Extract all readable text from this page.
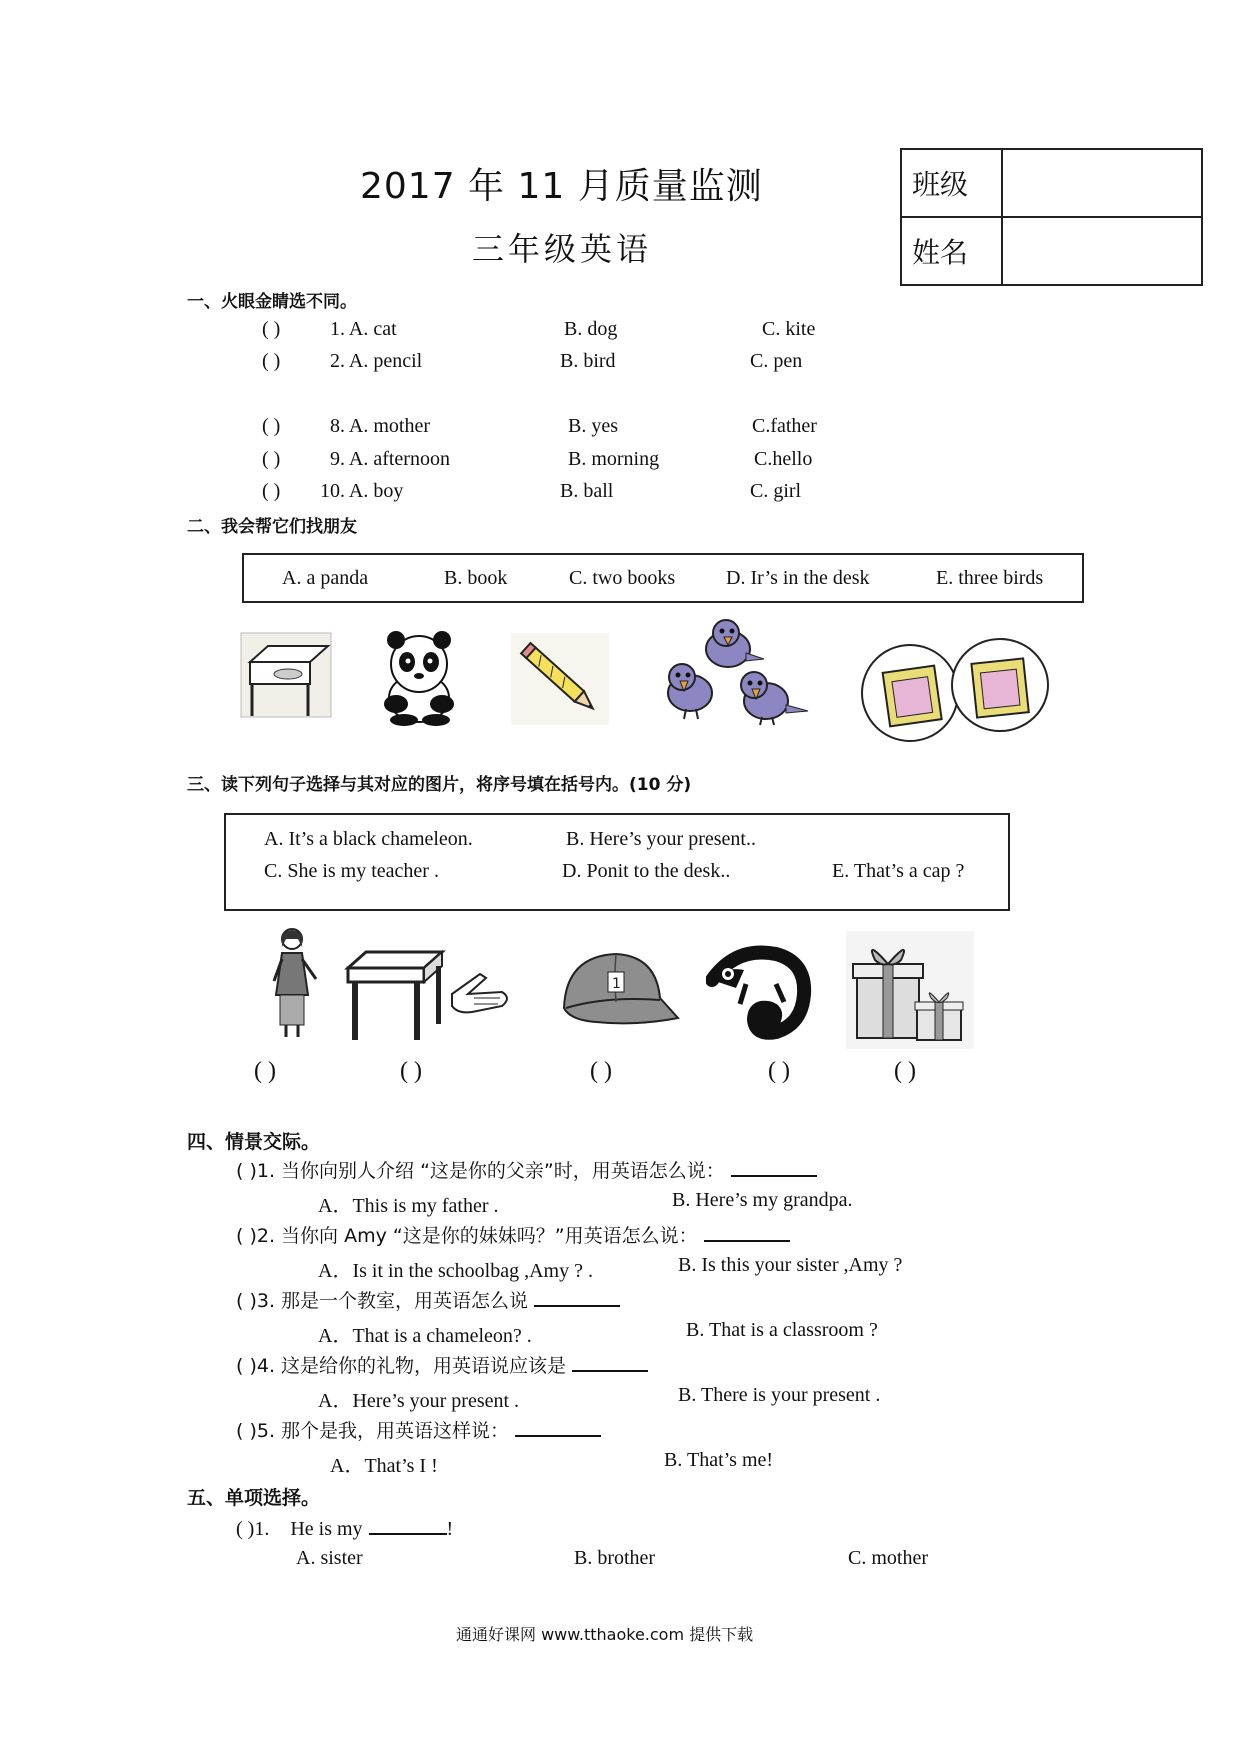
2017 年 11 月质量监测
三年级英语
班级	
姓名	
一、火眼金睛选不同。
( ) 1. A. cat	B. dog	C. kite
( ) 2. A. pencil	B. bird	C. pen
( ) 8. A. mother	B. yes	C.father
( ) 9. A. afternoon	B. morning	C.hello
( ) 10. A. boy	B. ball	C. girl
二、我会帮它们找朋友
A. a panda	B. book	C. two books	D. Ir’s in the desk	E. three birds
三、读下列句子选择与其对应的图片，将序号填在括号内。(10 分)
A. It’s a black chameleon.	B. Here’s your present..
C. She is my teacher .	D. Ponit to the desk..	E. That’s a cap ?
1
( )	( )	( )	( )	( )
四、情景交际。
( )1. 当你向别人介绍 “这是你的父亲”时，用英语怎么说：
A．This is my father .	B. Here’s my grandpa.
( )2. 当你向 Amy “这是你的妹妹吗？”用英语怎么说：
A．Is it in the schoolbag ,Amy ? .	B. Is this your sister ,Amy ?
( )3. 那是一个教室，用英语怎么说
A．That is a chameleon? .	B. That is a classroom ?
( )4. 这是给你的礼物，用英语说应该是
A．Here’s your present .	B. There is your present .
( )5. 那个是我，用英语这样说：
A．That’s I !	B. That’s me!
五、单项选择。
( )1. He is my	!
A. sister	B. brother	C. mother
通通好课网 www.tthaoke.com 提供下载
